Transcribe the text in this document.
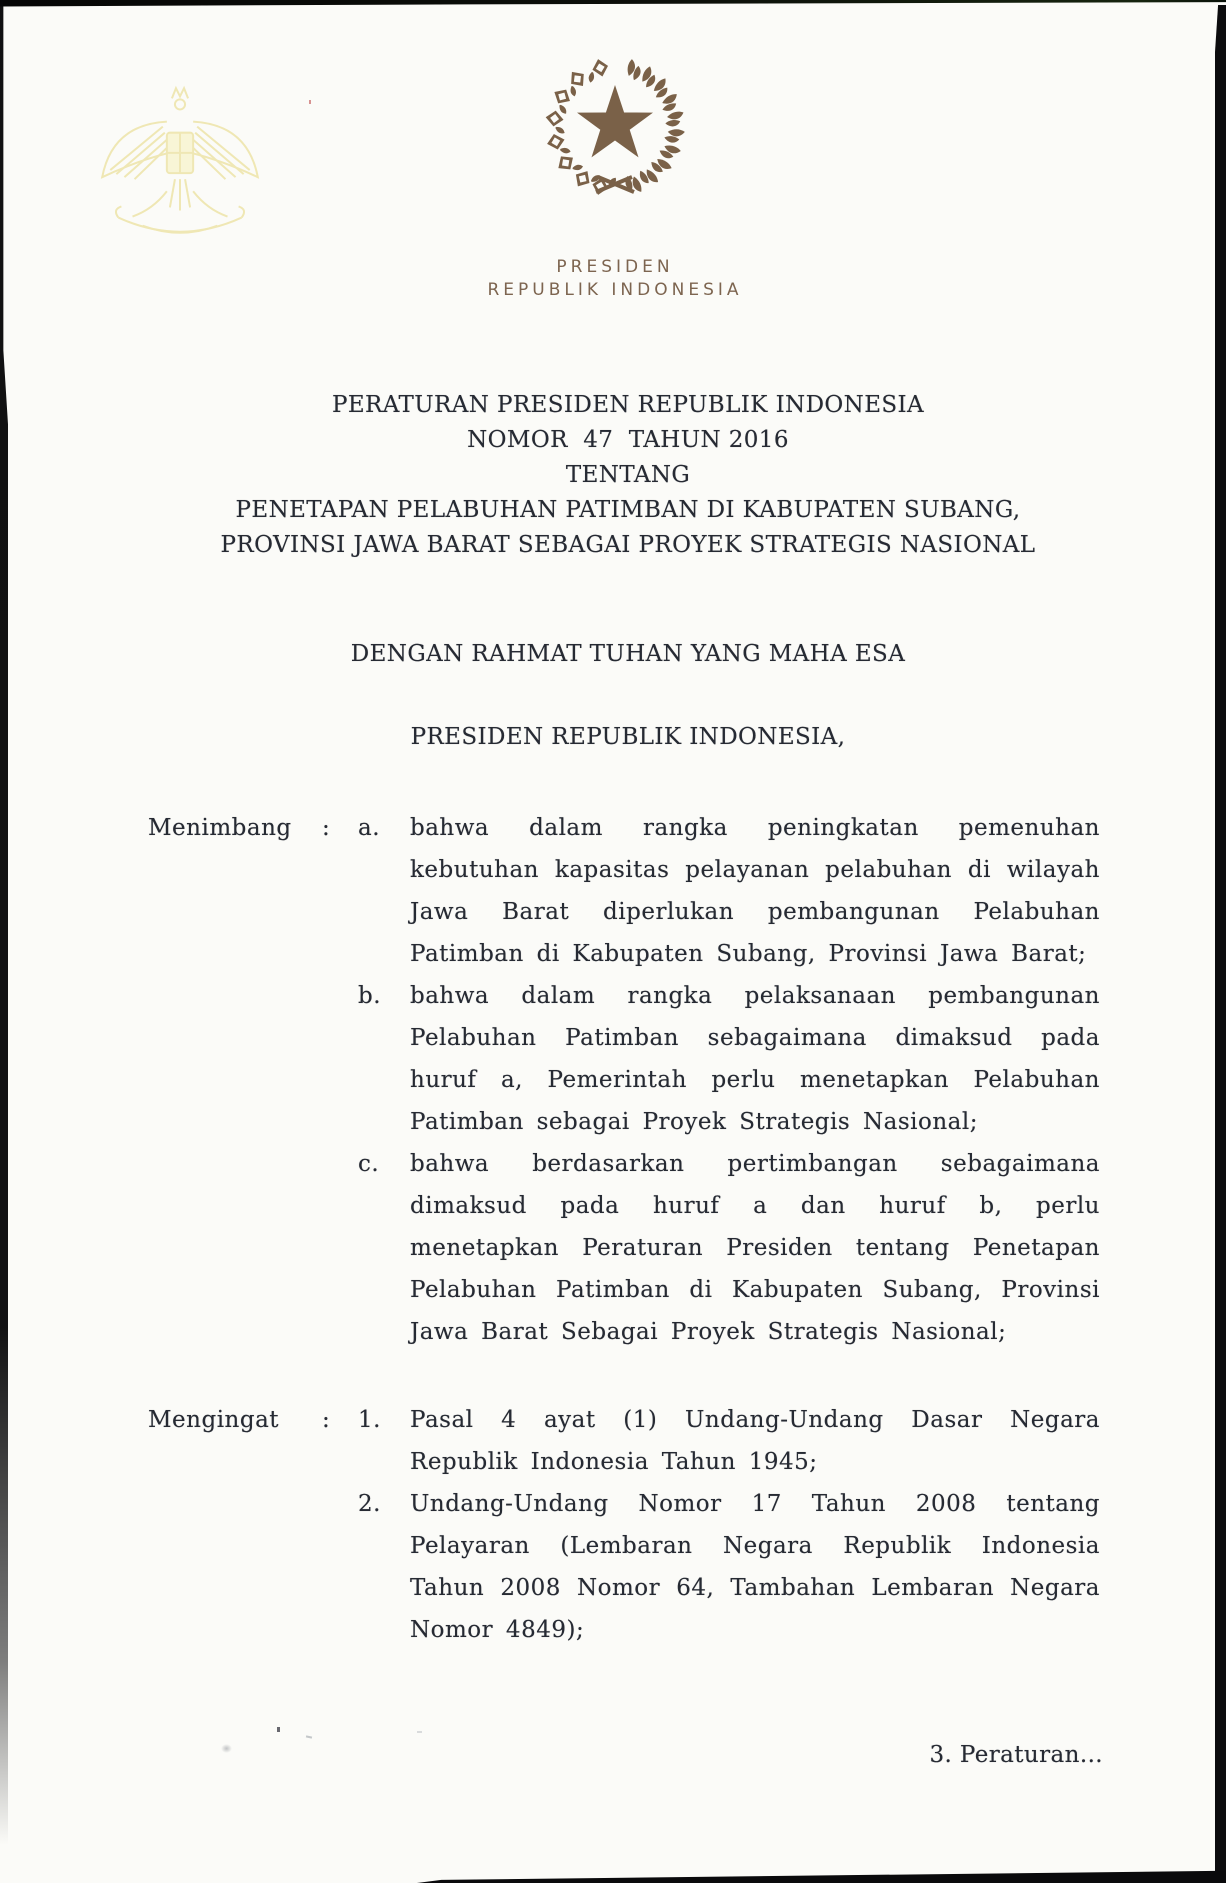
PRESIDEN
REPUBLIK INDONESIA
PERATURAN PRESIDEN REPUBLIK INDONESIA
NOMOR  47  TAHUN 2016
TENTANG
PENETAPAN PELABUHAN PATIMBAN DI KABUPATEN SUBANG,
PROVINSI JAWA BARAT SEBAGAI PROYEK STRATEGIS NASIONAL
DENGAN RAHMAT TUHAN YANG MAHA ESA
PRESIDEN REPUBLIK INDONESIA,
Menimbang	:	a.	bahwa dalam rangka peningkatan pemenuhan kebutuhan kapasitas pelayanan pelabuhan di wilayah Jawa Barat diperlukan pembangunan Pelabuhan Patimban di Kabupaten Subang, Provinsi Jawa Barat;
b.	bahwa dalam rangka pelaksanaan pembangunan Pelabuhan Patimban sebagaimana dimaksud pada huruf a, Pemerintah perlu menetapkan Pelabuhan Patimban sebagai Proyek Strategis Nasional;
c.	bahwa berdasarkan pertimbangan sebagaimana dimaksud pada huruf a dan huruf b, perlu menetapkan Peraturan Presiden tentang Penetapan Pelabuhan Patimban di Kabupaten Subang, Provinsi Jawa Barat Sebagai Proyek Strategis Nasional;
Mengingat	:	1.	Pasal 4 ayat (1) Undang-Undang Dasar Negara Republik Indonesia Tahun 1945;
2.	Undang-Undang Nomor 17 Tahun 2008 tentang Pelayaran (Lembaran Negara Republik Indonesia Tahun 2008 Nomor 64, Tambahan Lembaran Negara Nomor 4849);
3. Peraturan...
